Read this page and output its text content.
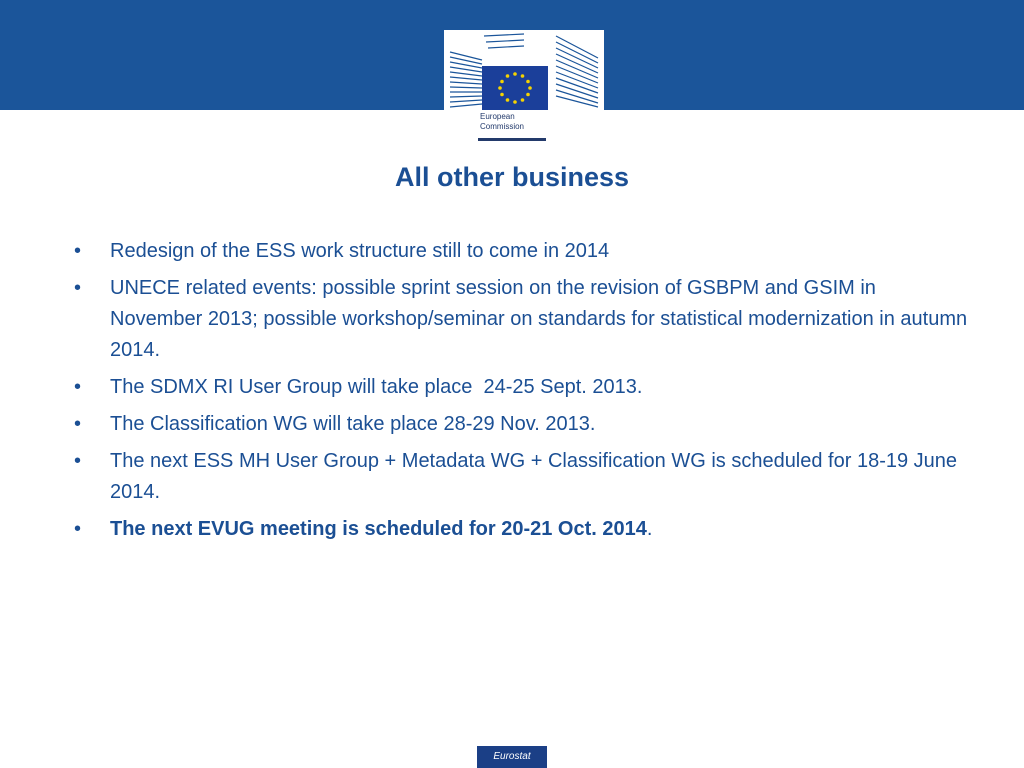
European
Commission
All other business
• Redesign of the ESS work structure still to come in 2014
• UNECE related events: possible sprint session on the revision of GSBPM and GSIM in November 2013; possible workshop/seminar on standards for statistical modernization in autumn 2014.
• The SDMX RI User Group will take place  24-25 Sept. 2013.
• The Classification WG will take place 28-29 Nov. 2013.
• The next ESS MH User Group + Metadata WG + Classification WG is scheduled for 18-19 June 2014.
• The next EVUG meeting is scheduled for 20-21 Oct. 2014.
Eurostat
